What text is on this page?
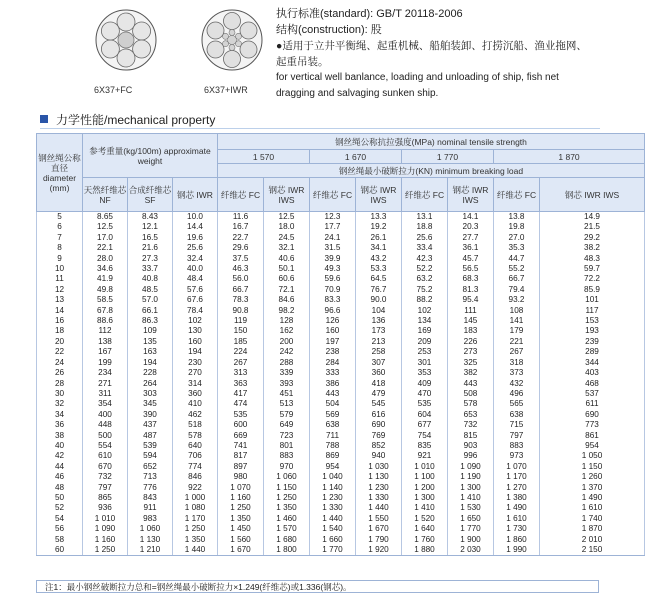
6X37+FC	6X37+IWR
执行标准(standard): GB/T 20118-2006
结构(construction): 股
●适用于立井平衡绳、起重机械、船舶装卸、打捞沉船、渔业拖网、起重吊装。
for vertical well banlance, loading and unloading of ship, fish net dragging and salvaging sunken ship.
力学性能/mechanical property
钢丝绳公称直径 diameter (mm)	参考重量(kg/100m) approximate weight			钢丝绳公称抗拉强度(MPa) nominal tensile strength							
				1 570		1 670		1 770		1 870	
				钢丝绳最小破断拉力(KN) minimum breaking load							
	天然纤维芯 NF	合成纤维芯 SF	钢芯 IWR	纤维芯 FC	钢芯 IWR IWS	纤维芯 FC	钢芯 IWR IWS	纤维芯 FC	钢芯 IWR IWS	纤维芯 FC	钢芯 IWR IWS
5	8.65	8.43	10.0	11.6	12.5	12.3	13.3	13.1	14.1	13.8	14.9
6	12.5	12.1	14.4	16.7	18.0	17.7	19.2	18.8	20.3	19.8	21.5
7	17.0	16.5	19.6	22.7	24.5	24.1	26.1	25.6	27.7	27.0	29.2
8	22.1	21.6	25.6	29.6	32.1	31.5	34.1	33.4	36.1	35.3	38.2
9	28.0	27.3	32.4	37.5	40.6	39.9	43.2	42.3	45.7	44.7	48.3
10	34.6	33.7	40.0	46.3	50.1	49.3	53.3	52.2	56.5	55.2	59.7
11	41.9	40.8	48.4	56.0	60.6	59.6	64.5	63.2	68.3	66.7	72.2
12	49.8	48.5	57.6	66.7	72.1	70.9	76.7	75.2	81.3	79.4	85.9
13	58.5	57.0	67.6	78.3	84.6	83.3	90.0	88.2	95.4	93.2	101
14	67.8	66.1	78.4	90.8	98.2	96.6	104	102	111	108	117
16	88.6	86.3	102	119	128	126	136	134	145	141	153
18	112	109	130	150	162	160	173	169	183	179	193
20	138	135	160	185	200	197	213	209	226	221	239
22	167	163	194	224	242	238	258	253	273	267	289
24	199	194	230	267	288	284	307	301	325	318	344
26	234	228	270	313	339	333	360	353	382	373	403
28	271	264	314	363	393	386	418	409	443	432	468
30	311	303	360	417	451	443	479	470	508	496	537
32	354	345	410	474	513	504	545	535	578	565	611
34	400	390	462	535	579	569	616	604	653	638	690
36	448	437	518	600	649	638	690	677	732	715	773
38	500	487	578	669	723	711	769	754	815	797	861
40	554	539	640	741	801	788	852	835	903	883	954
42	610	594	706	817	883	869	940	921	996	973	1 050
44	670	652	774	897	970	954	1 030	1 010	1 090	1 070	1 150
46	732	713	846	980	1 060	1 040	1 130	1 100	1 190	1 170	1 260
48	797	776	922	1 070	1 150	1 140	1 230	1 200	1 300	1 270	1 370
50	865	843	1 000	1 160	1 250	1 230	1 330	1 300	1 410	1 380	1 490
52	936	911	1 080	1 250	1 350	1 330	1 440	1 410	1 530	1 490	1 610
54	1 010	983	1 170	1 350	1 460	1 440	1 550	1 520	1 650	1 610	1 740
56	1 090	1 060	1 250	1 450	1 570	1 540	1 670	1 640	1 770	1 730	1 870
58	1 160	1 130	1 350	1 560	1 680	1 660	1 790	1 760	1 900	1 860	2 010
60	1 250	1 210	1 440	1 670	1 800	1 770	1 920	1 880	2 030	1 990	2 150
注1：最小钢丝破断拉力总和=钢丝绳最小破断拉力×1.249(纤维芯)或1.336(钢芯)。
